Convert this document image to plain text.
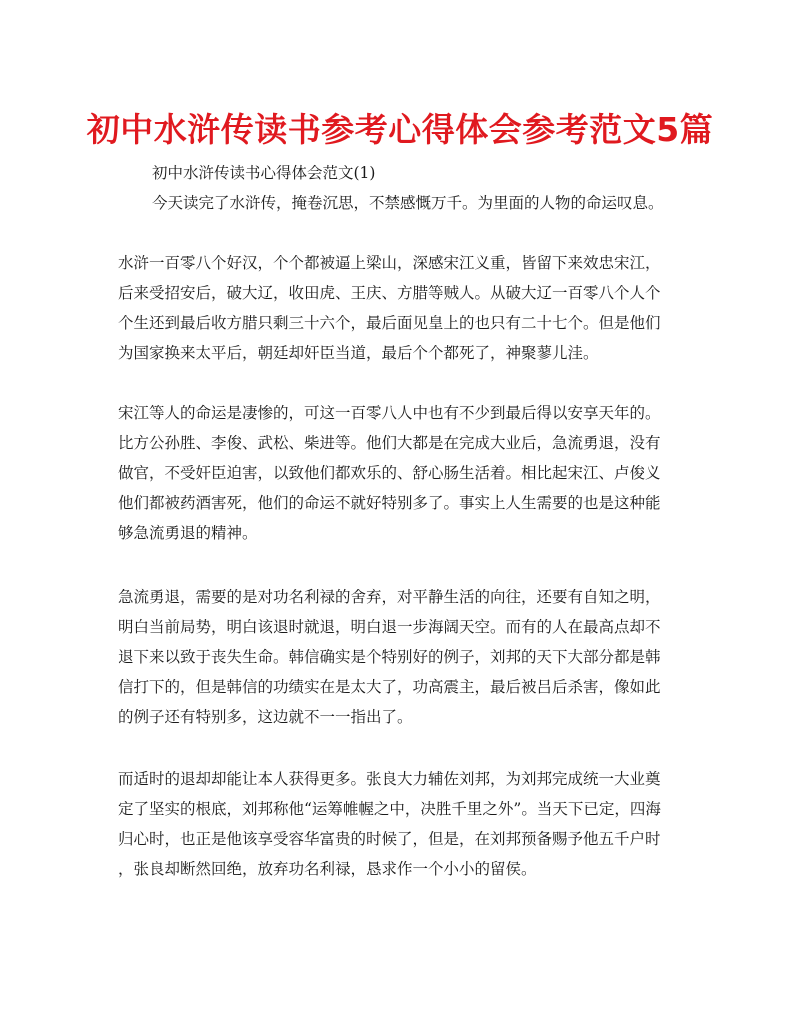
初中水浒传读书参考心得体会参考范文5篇
初中水浒传读书心得体会范文(1)
今天读完了水浒传，掩卷沉思，不禁感慨万千。为里面的人物的命运叹息。

水浒一百零八个好汉，个个都被逼上梁山，深感宋江义重，皆留下来效忠宋江，
后来受招安后，破大辽，收田虎、王庆、方腊等贼人。从破大辽一百零八个人个
个生还到最后收方腊只剩三十六个，最后面见皇上的也只有二十七个。但是他们
为国家换来太平后，朝廷却奸臣当道，最后个个都死了，神聚蓼儿洼。

宋江等人的命运是凄惨的，可这一百零八人中也有不少到最后得以安享天年的。
比方公孙胜、李俊、武松、柴进等。他们大都是在完成大业后，急流勇退，没有
做官，不受奸臣迫害，以致他们都欢乐的、舒心肠生活着。相比起宋江、卢俊义
他们都被药酒害死，他们的命运不就好特别多了。事实上人生需要的也是这种能
够急流勇退的精神。

急流勇退，需要的是对功名利禄的舍弃，对平静生活的向往，还要有自知之明，
明白当前局势，明白该退时就退，明白退一步海阔天空。而有的人在最高点却不
退下来以致于丧失生命。韩信确实是个特别好的例子，刘邦的天下大部分都是韩
信打下的，但是韩信的功绩实在是太大了，功高震主，最后被吕后杀害，像如此
的例子还有特别多，这边就不一一指出了。

而适时的退却却能让本人获得更多。张良大力辅佐刘邦，为刘邦完成统一大业奠
定了坚实的根底，刘邦称他“运筹帷幄之中，决胜千里之外”。当天下已定，四海
归心时，也正是他该享受容华富贵的时候了，但是，在刘邦预备赐予他五千户时
，张良却断然回绝，放弃功名利禄，恳求作一个小小的留侯。
